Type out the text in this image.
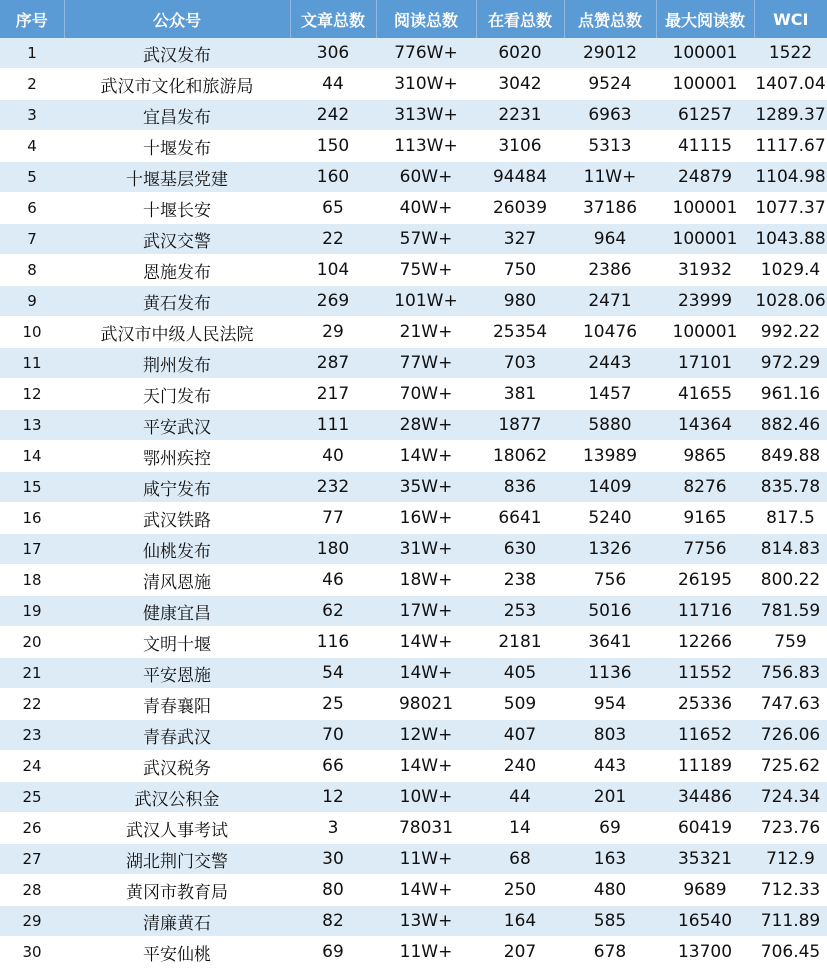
序号	公众号	文章总数	阅读总数	在看总数	点赞总数	最大阅读数	WCI
1	武汉发布	306	776W+	6020	29012	100001	1522
2	武汉市文化和旅游局	44	310W+	3042	9524	100001	1407.04
3	宜昌发布	242	313W+	2231	6963	61257	1289.37
4	十堰发布	150	113W+	3106	5313	41115	1117.67
5	十堰基层党建	160	60W+	94484	11W+	24879	1104.98
6	十堰长安	65	40W+	26039	37186	100001	1077.37
7	武汉交警	22	57W+	327	964	100001	1043.88
8	恩施发布	104	75W+	750	2386	31932	1029.4
9	黄石发布	269	101W+	980	2471	23999	1028.06
10	武汉市中级人民法院	29	21W+	25354	10476	100001	992.22
11	荆州发布	287	77W+	703	2443	17101	972.29
12	天门发布	217	70W+	381	1457	41655	961.16
13	平安武汉	111	28W+	1877	5880	14364	882.46
14	鄂州疾控	40	14W+	18062	13989	9865	849.88
15	咸宁发布	232	35W+	836	1409	8276	835.78
16	武汉铁路	77	16W+	6641	5240	9165	817.5
17	仙桃发布	180	31W+	630	1326	7756	814.83
18	清风恩施	46	18W+	238	756	26195	800.22
19	健康宜昌	62	17W+	253	5016	11716	781.59
20	文明十堰	116	14W+	2181	3641	12266	759
21	平安恩施	54	14W+	405	1136	11552	756.83
22	青春襄阳	25	98021	509	954	25336	747.63
23	青春武汉	70	12W+	407	803	11652	726.06
24	武汉税务	66	14W+	240	443	11189	725.62
25	武汉公积金	12	10W+	44	201	34486	724.34
26	武汉人事考试	3	78031	14	69	60419	723.76
27	湖北荆门交警	30	11W+	68	163	35321	712.9
28	黄冈市教育局	80	14W+	250	480	9689	712.33
29	清廉黄石	82	13W+	164	585	16540	711.89
30	平安仙桃	69	11W+	207	678	13700	706.45
